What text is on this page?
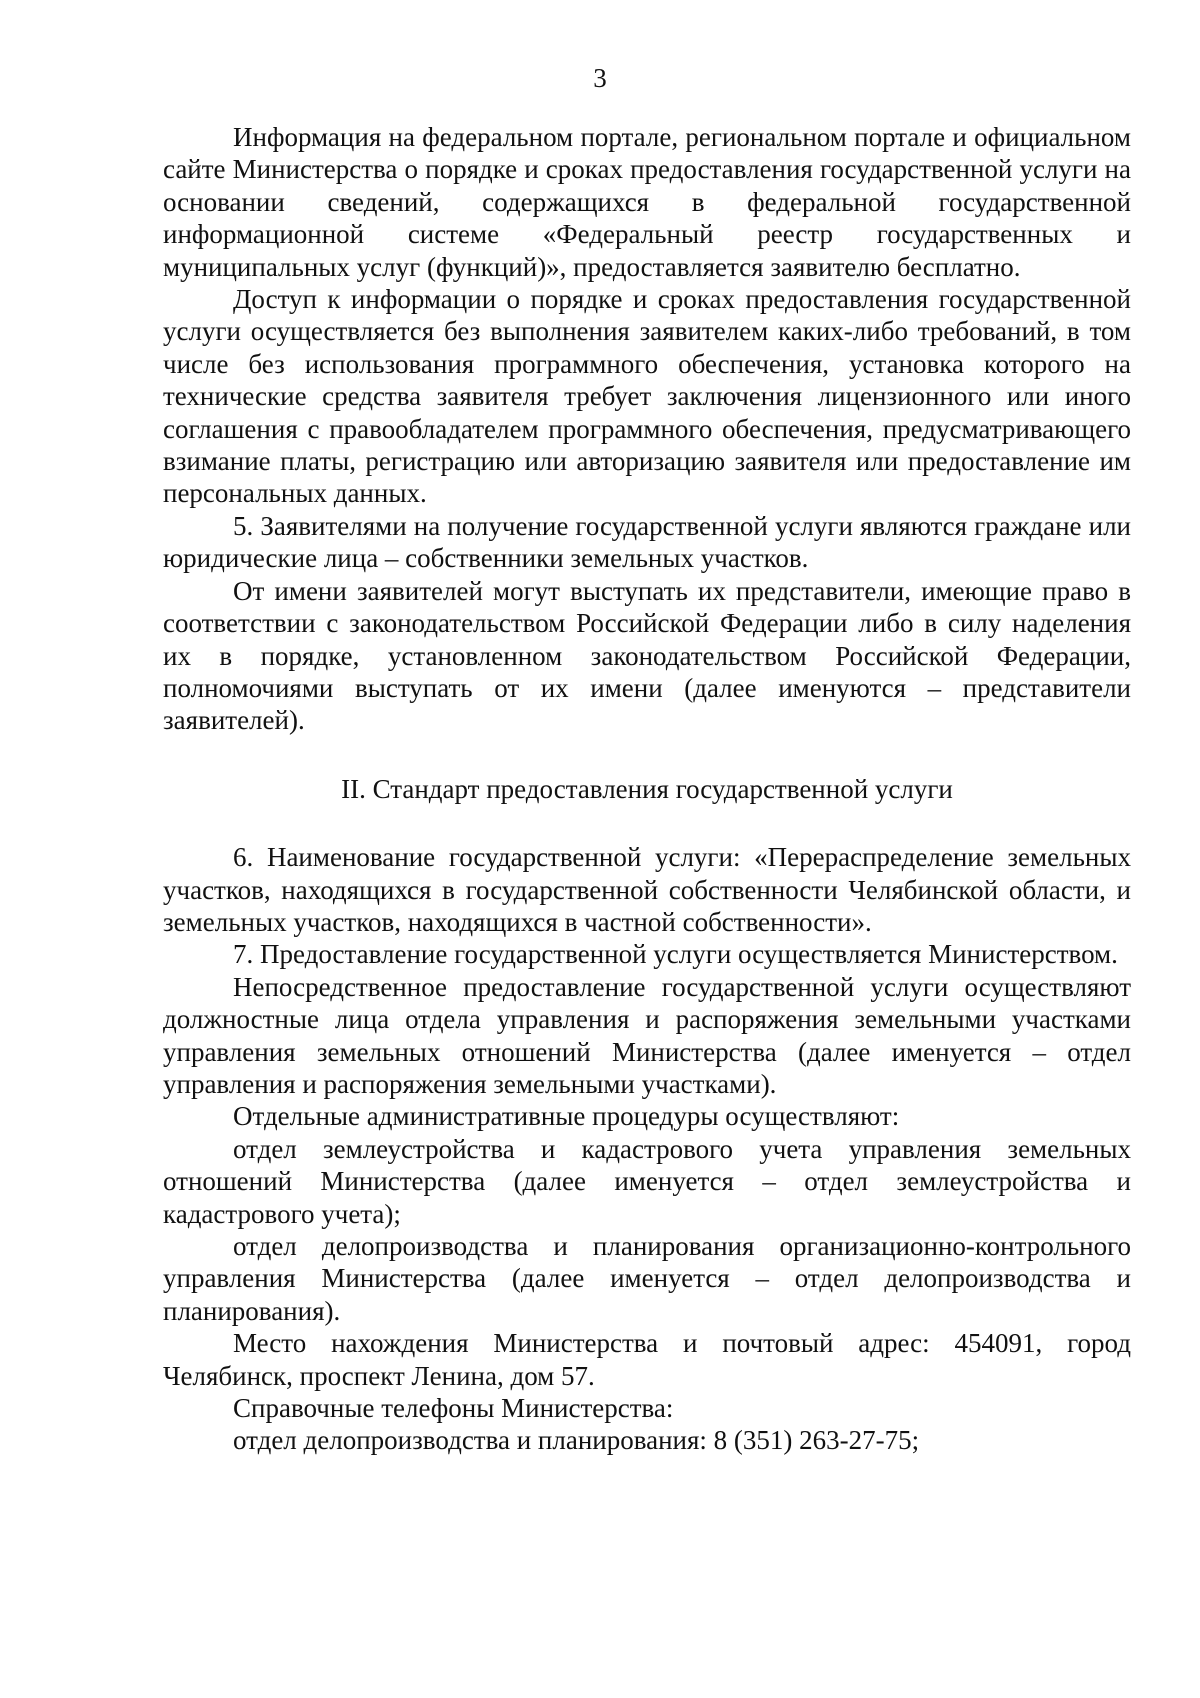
3

Информация на федеральном портале, региональном портале и официальном сайте Министерства о порядке и сроках предоставления государственной услуги на основании сведений, содержащихся в федеральной государственной информационной системе «Федеральный реестр государственных и муниципальных услуг (функций)», предоставляется заявителю бесплатно.

Доступ к информации о порядке и сроках предоставления государственной услуги осуществляется без выполнения заявителем каких-либо требований, в том числе без использования программного обеспечения, установка которого на технические средства заявителя требует заключения лицензионного или иного соглашения с правообладателем программного обеспечения, предусматривающего взимание платы, регистрацию или авторизацию заявителя или предоставление им персональных данных.

5. Заявителями на получение государственной услуги являются граждане или юридические лица – собственники земельных участков.

От имени заявителей могут выступать их представители, имеющие право в соответствии с законодательством Российской Федерации либо в силу наделения их в порядке, установленном законодательством Российской Федерации, полномочиями выступать от их имени (далее именуются – представители заявителей).

II. Стандарт предоставления государственной услуги

6. Наименование государственной услуги: «Перераспределение земельных участков, находящихся в государственной собственности Челябинской области, и земельных участков, находящихся в частной собственности».

7. Предоставление государственной услуги осуществляется Министерством.

Непосредственное предоставление государственной услуги осуществляют должностные лица отдела управления и распоряжения земельными участками управления земельных отношений Министерства (далее именуется – отдел управления и распоряжения земельными участками).

Отдельные административные процедуры осуществляют:

отдел землеустройства и кадастрового учета управления земельных отношений Министерства (далее именуется – отдел землеустройства и кадастрового учета);

отдел делопроизводства и планирования организационно-контрольного управления Министерства (далее именуется – отдел делопроизводства и планирования).

Место нахождения Министерства и почтовый адрес: 454091, город Челябинск, проспект Ленина, дом 57.

Справочные телефоны Министерства:

отдел делопроизводства и планирования: 8 (351) 263-27-75;
